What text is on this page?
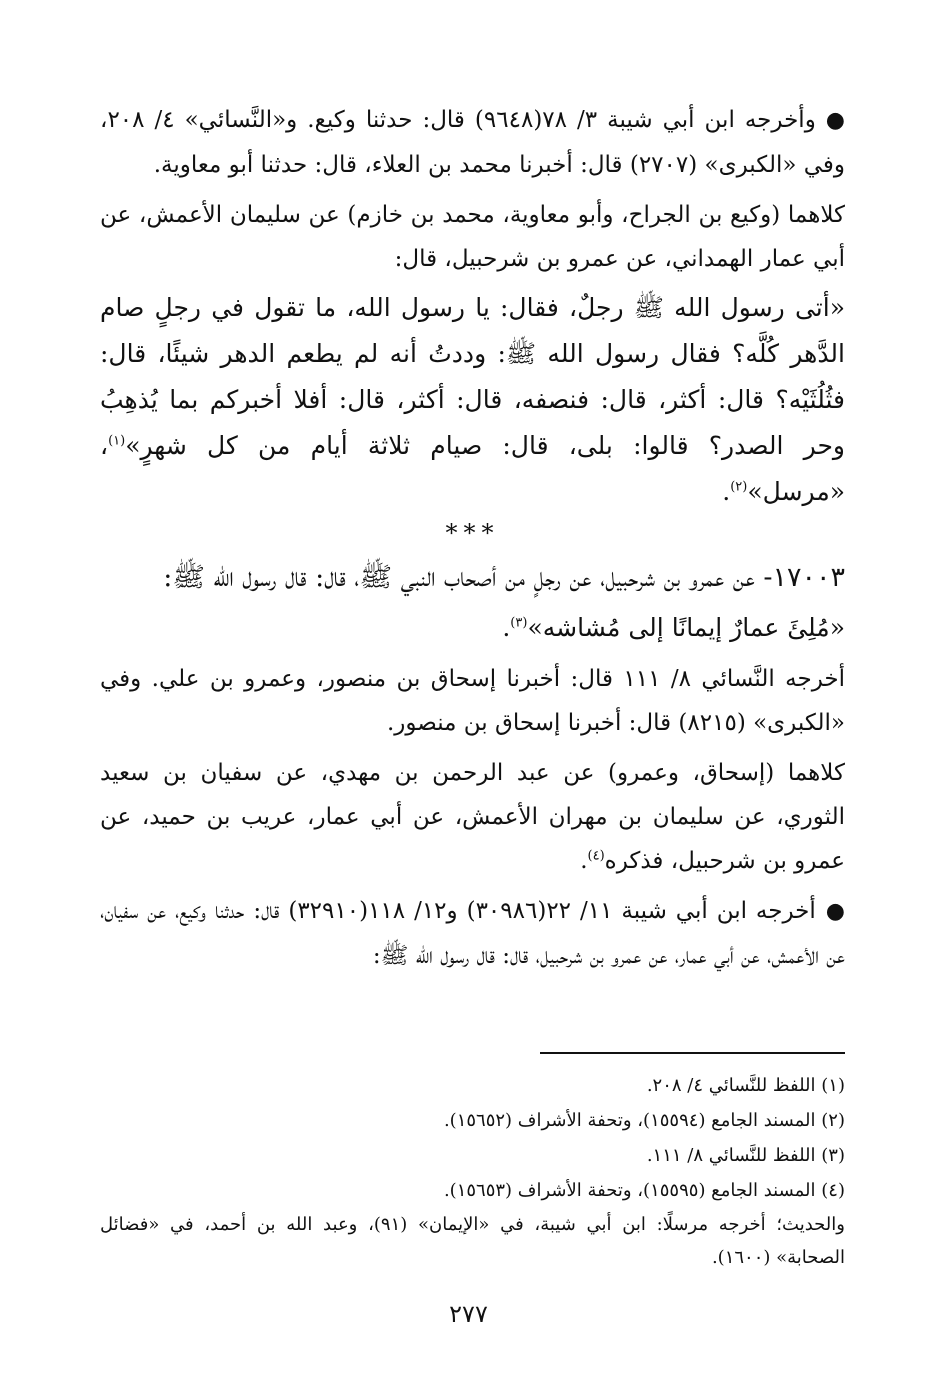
●وأخرجه ابن أبي شيبة ٣/ ٧٨(٩٦٤٨) قال: حدثنا وكيع. و«النَّسائي» ٤/ ٢٠٨، وفي «الكبرى» (٢٧٠٧) قال: أخبرنا محمد بن العلاء، قال: حدثنا أبو معاوية.

كلاهما (وكيع بن الجراح، وأبو معاوية، محمد بن خازم) عن سليمان الأعمش، عن أبي عمار الهمداني، عن عمرو بن شرحبيل، قال:

«أتى رسول الله ﷺ رجلٌ، فقال: يا رسول الله، ما تقول في رجلٍ صام الدَّهر كُلَّه؟ فقال رسول الله ﷺ: وددتُ أنه لم يطعم الدهر شيئًا، قال: فثُلُثَيْه؟ قال: أكثر، قال: فنصفه، قال: أكثر، قال: أفلا أخبركم بما يُذهِبُ وحر الصدر؟ قالوا: بلى، قال: صيام ثلاثة أيام من كل شهرٍ»$^{(١)}$، «مرسل»$^{(٢)}$.

***

١٧٠٠٣- عن عمرو بن شرحبيل، عن رجلٍ من أصحاب النبي ﷺ، قال: قال رسول الله ﷺ:

«مُلِئَ عمارٌ إيمانًا إلى مُشاشه»$^{(٣)}$.

أخرجه النَّسائي ٨/ ١١١ قال: أخبرنا إسحاق بن منصور، وعمرو بن علي. وفي «الكبرى» (٨٢١٥) قال: أخبرنا إسحاق بن منصور.

كلاهما (إسحاق، وعمرو) عن عبد الرحمن بن مهدي، عن سفيان بن سعيد الثوري، عن سليمان بن مهران الأعمش، عن أبي عمار، عريب بن حميد، عن عمرو بن شرحبيل، فذكره$^{(٤)}$.

●أخرجه ابن أبي شيبة ١١/ ٢٢(٣٠٩٨٦) و١٢/ ١١٨(٣٢٩١٠) قال: حدثنا وكيع، عن سفيان، عن الأعمش، عن أبي عمار، عن عمرو بن شرحبيل، قال: قال رسول الله ﷺ:

(١) اللفظ للنَّسائي ٤/ ٢٠٨.

(٢) المسند الجامع (١٥٥٩٤)، وتحفة الأشراف (١٥٦٥٢).

(٣) اللفظ للنَّسائي ٨/ ١١١.

(٤) المسند الجامع (١٥٥٩٥)، وتحفة الأشراف (١٥٦٥٣).

والحديث؛ أخرجه مرسلًا: ابن أبي شيبة، في «الإيمان» (٩١)، وعبد الله بن أحمد، في «فضائل الصحابة» (١٦٠٠).

٢٧٧
